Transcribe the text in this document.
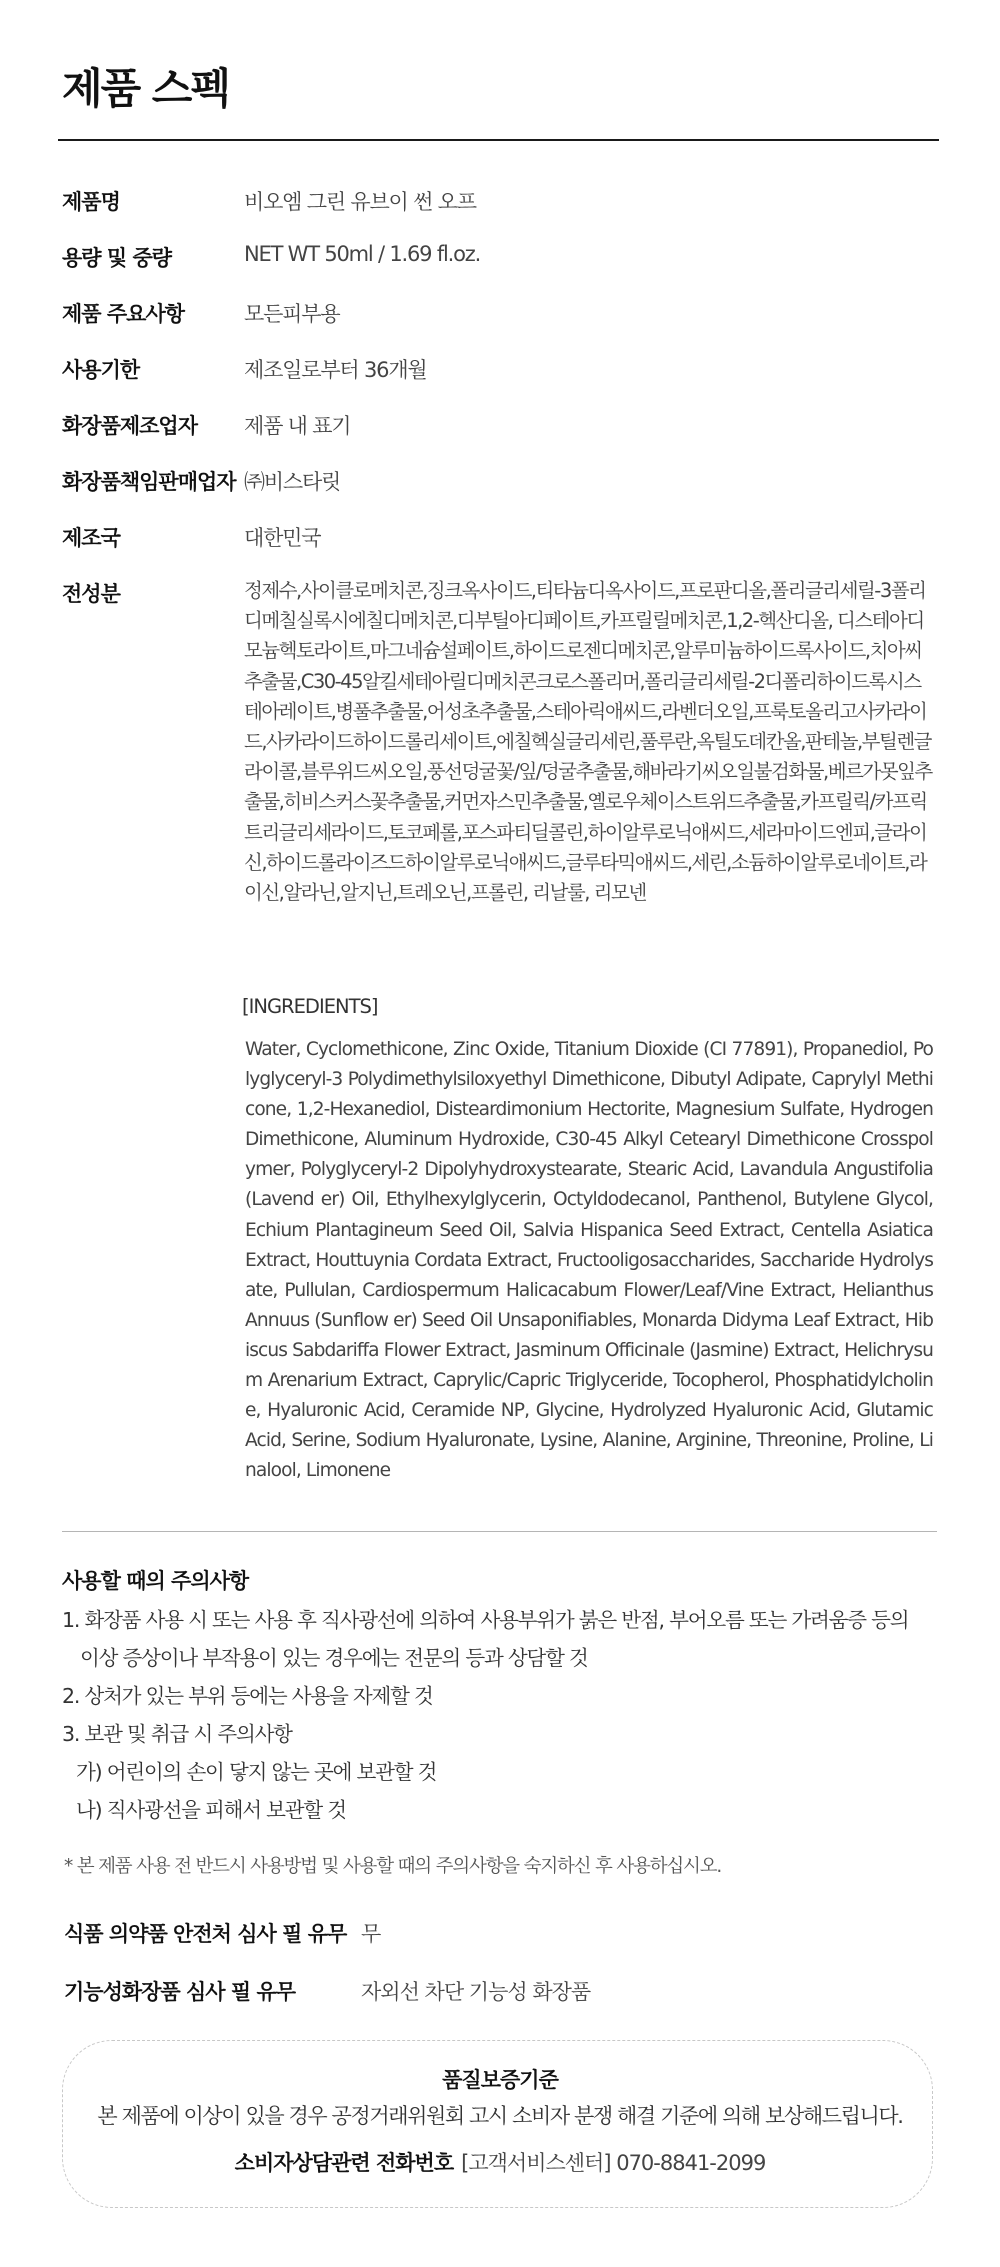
제품 스펙
제품명	비오엠 그린 유브이 썬 오프
용량 및 중량	NET WT 50ml / 1.69 fl.oz.
제품 주요사항	모든피부용
사용기한	제조일로부터 36개월
화장품제조업자 제품 내 표기
화장품책임판매업자 ㈜비스타릿
제조국	대한민국
전성분	정제수,사이클로메치콘,징크옥사이드,티타늄디옥사이드,프로판디올,폴리글리세릴-3폴리디메칠실록시에칠디메치콘,디부틸아디페이트,카프릴릴메치콘,1,2-헥산디올, 디스테아디모늄헥토라이트,마그네슘설페이트,하이드로젠디메치콘,알루미늄하이드록사이드,치아씨추출물,C30-45알킬세테아릴디메치콘크로스폴리머,폴리글리세릴-2디폴리하이드록시스테아레이트,병풀추출물,어성초추출물,스테아릭애씨드,라벤더오일,프룩토올리고사카라이드,사카라이드하이드롤리세이트,에칠헥실글리세린,풀루란,옥틸도데칸올,판테놀,부틸렌글라이콜,블루위드씨오일,풍선덩굴꽃/잎/덩굴추출물,해바라기씨오일불검화물,베르가못잎추출물,히비스커스꽃추출물,커먼자스민추출물,옐로우체이스트위드추출물,카프릴릭/카프릭트리글리세라이드,토코페롤,포스파티딜콜린,하이알루로닉애씨드,세라마이드엔피,글라이신,하이드롤라이즈드하이알루로닉애씨드,글루타믹애씨드,세린,소듐하이알루로네이트,라이신,알라닌,알지닌,트레오닌,프롤린, 리날룰, 리모넨
[INGREDIENTS]
Water, Cyclomethicone, Zinc Oxide, Titanium Dioxide (CI 77891), Propanediol, Polyglyceryl-3 Polydimethylsiloxyethyl Dimethicone, Dibutyl Adipate, Caprylyl Methicone, 1,2-Hexanediol, Disteardimonium Hectorite, Magnesium Sulfate, Hydrogen Dimethicone, Aluminum Hydroxide, C30-45 Alkyl Cetearyl Dimethicone Crosspolymer, Polyglyceryl-2 Dipolyhydroxystearate, Stearic Acid, Lavandula Angustifolia (Lavend er) Oil, Ethylhexylglycerin, Octyldodecanol, Panthenol, Butylene Glycol, Echium Plantagineum Seed Oil, Salvia Hispanica Seed Extract, Centella Asiatica Extract, Houttuynia Cordata Extract, Fructooligosaccharides, Saccharide Hydrolysate, Pullulan, Cardiospermum Halicacabum Flower/Leaf/Vine Extract, Helianthus Annuus (Sunflow er) Seed Oil Unsaponifiables, Monarda Didyma Leaf Extract, Hibiscus Sabdariffa Flower Extract, Jasminum Officinale (Jasmine) Extract, Helichrysum Arenarium Extract, Caprylic/Capric Triglyceride, Tocopherol, Phosphatidylcholine, Hyaluronic Acid, Ceramide NP, Glycine, Hydrolyzed Hyaluronic Acid, Glutamic Acid, Serine, Sodium Hyaluronate, Lysine, Alanine, Arginine, Threonine, Proline, Linalool, Limonene
사용할 때의 주의사항
1. 화장품 사용 시 또는 사용 후 직사광선에 의하여 사용부위가 붉은 반점, 부어오름 또는 가려움증 등의
이상 증상이나 부작용이 있는 경우에는 전문의 등과 상담할 것
2. 상처가 있는 부위 등에는 사용을 자제할 것
3. 보관 및 취급 시 주의사항
가) 어린이의 손이 닿지 않는 곳에 보관할 것
나) 직사광선을 피해서 보관할 것
* 본 제품 사용 전 반드시 사용방법 및 사용할 때의 주의사항을 숙지하신 후 사용하십시오.
식품 의약품 안전처 심사 필 유무 무
기능성화장품 심사 필 유무	자외선 차단 기능성 화장품
품질보증기준
본 제품에 이상이 있을 경우 공정거래위원회 고시 소비자 분쟁 해결 기준에 의해 보상해드립니다.
소비자상담관련 전화번호 [고객서비스센터] 070-8841-2099
